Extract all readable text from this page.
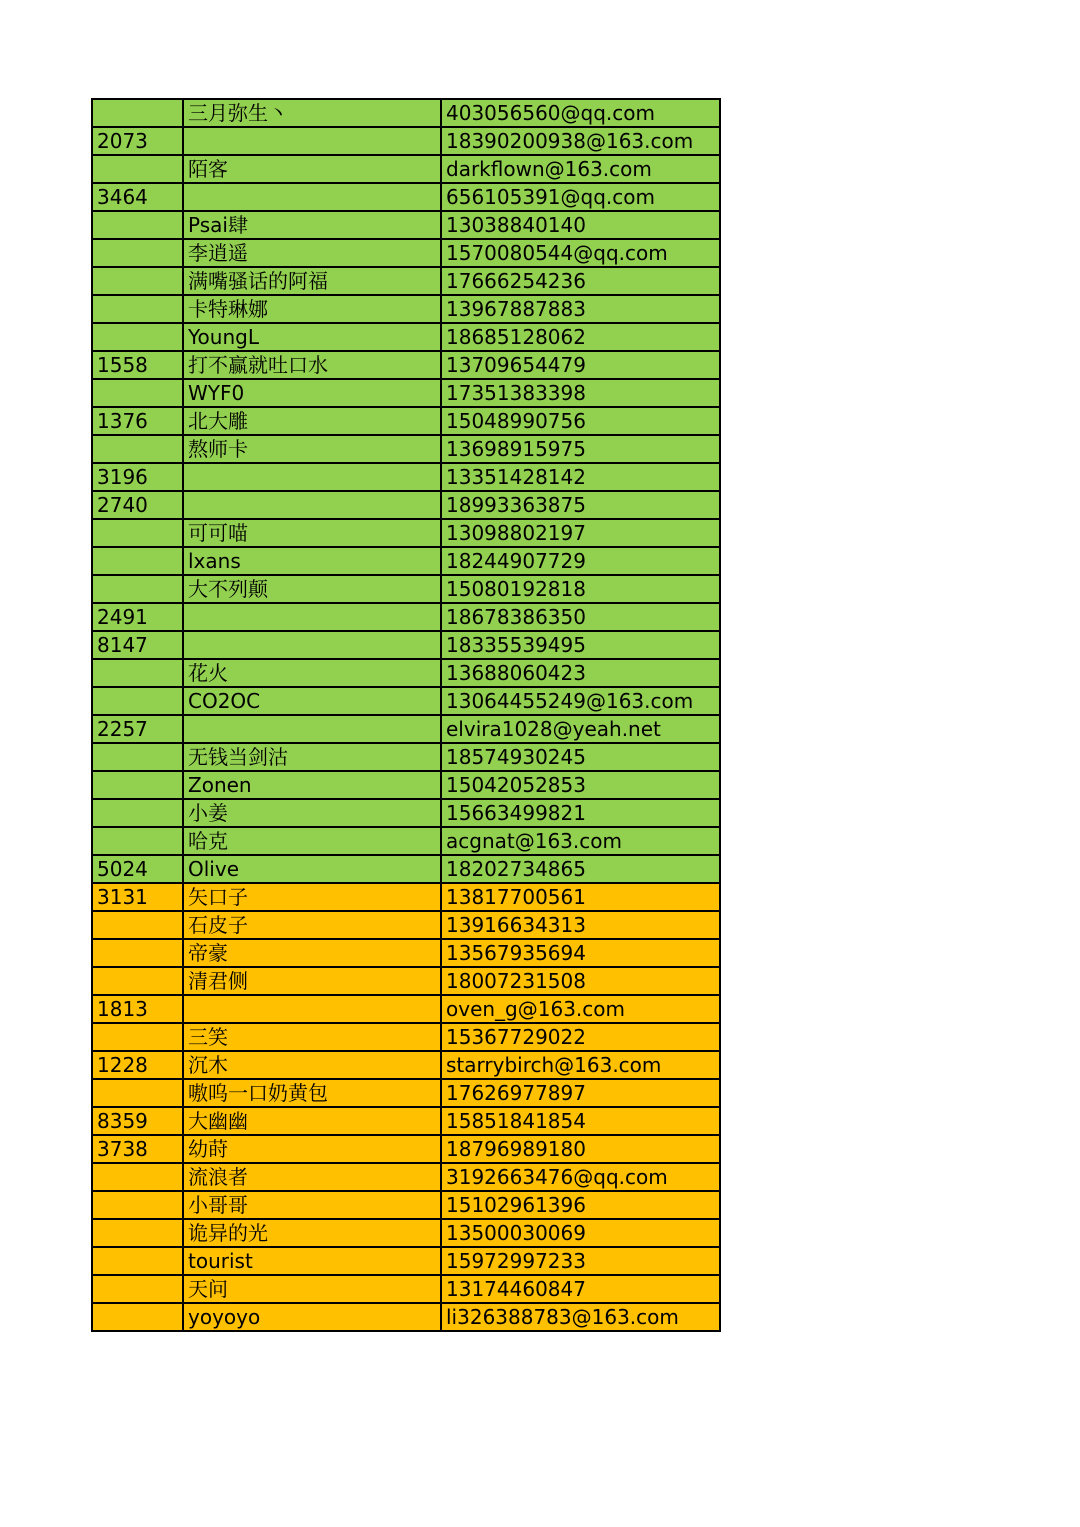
	三月弥生丶	403056560@qq.com
2073		18390200938@163.com
	陌客	darkflown@163.com
3464		656105391@qq.com
	Psai肆	13038840140
	李逍遥	1570080544@qq.com
	满嘴骚话的阿福	17666254236
	卡特琳娜	13967887883
	YoungL	18685128062
1558	打不赢就吐口水	13709654479
	WYF0	17351383398
1376	北大雕	15048990756
	熬师卡	13698915975
3196		13351428142
2740		18993363875
	可可喵	13098802197
	lxans	18244907729
	大不列颠	15080192818
2491		18678386350
8147		18335539495
	花火	13688060423
	CO2OC	13064455249@163.com
2257		elvira1028@yeah.net
	无钱当剑沽	18574930245
	Zonen	15042052853
	小姜	15663499821
	哈克	acgnat@163.com
5024	Olive	18202734865
3131	矢口子	13817700561
	石皮子	13916634313
	帝豪	13567935694
	清君侧	18007231508
1813		oven_g@163.com
	三笑	15367729022
1228	沉木	starrybirch@163.com
	嗷呜一口奶黄包	17626977897
8359	大幽幽	15851841854
3738	幼莳	18796989180
	流浪者	3192663476@qq.com
	小哥哥	15102961396
	诡异的光	13500030069
	tourist	15972997233
	天问	13174460847
	yoyoyo	li326388783@163.com
